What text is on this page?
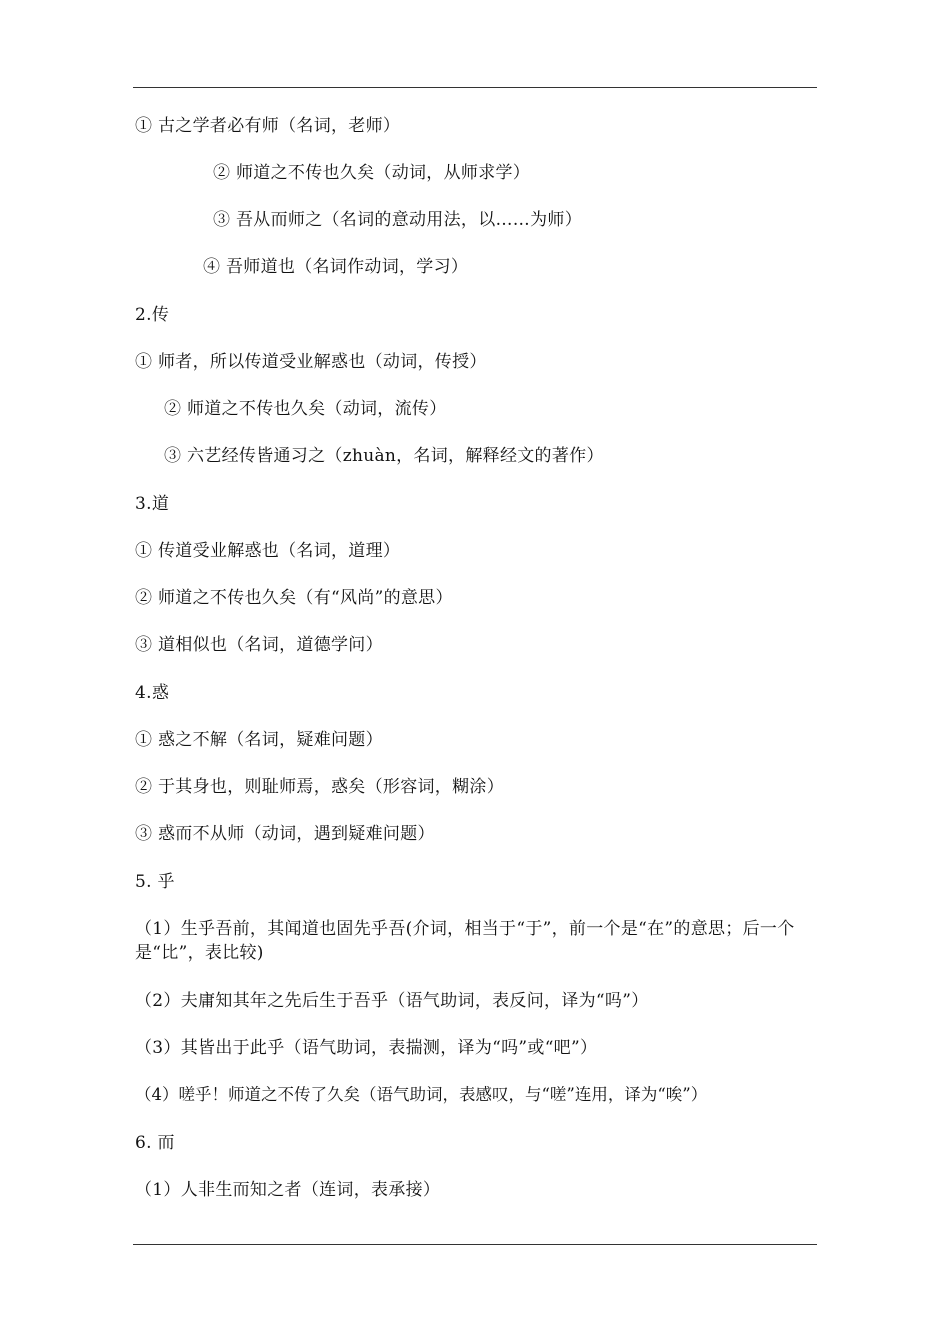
① 古之学者必有师（名词，老师）
② 师道之不传也久矣（动词，从师求学）
③ 吾从而师之（名词的意动用法，以……为师）
④ 吾师道也（名词作动词，学习）
2.传
① 师者，所以传道受业解惑也（动词，传授）
② 师道之不传也久矣（动词，流传）
③ 六艺经传皆通习之（zhuàn，名词，解释经文的著作）
3.道
① 传道受业解惑也（名词，道理）
② 师道之不传也久矣（有“风尚”的意思）
③ 道相似也（名词，道德学问）
4.惑
① 惑之不解（名词，疑难问题）
② 于其身也，则耻师焉，惑矣（形容词，糊涂）
③ 惑而不从师（动词，遇到疑难问题）
5. 乎
（1）生乎吾前，其闻道也固先乎吾(介词，相当于“于”，前一个是“在”的意思；后一个是“比”，表比较)
（2）夫庸知其年之先后生于吾乎（语气助词，表反问，译为“吗”）
（3）其皆出于此乎（语气助词，表揣测，译为“吗”或“吧”）
（4）嗟乎！师道之不传了久矣（语气助词，表感叹，与“嗟”连用，译为“唉”）
6. 而
（1）人非生而知之者（连词，表承接）
